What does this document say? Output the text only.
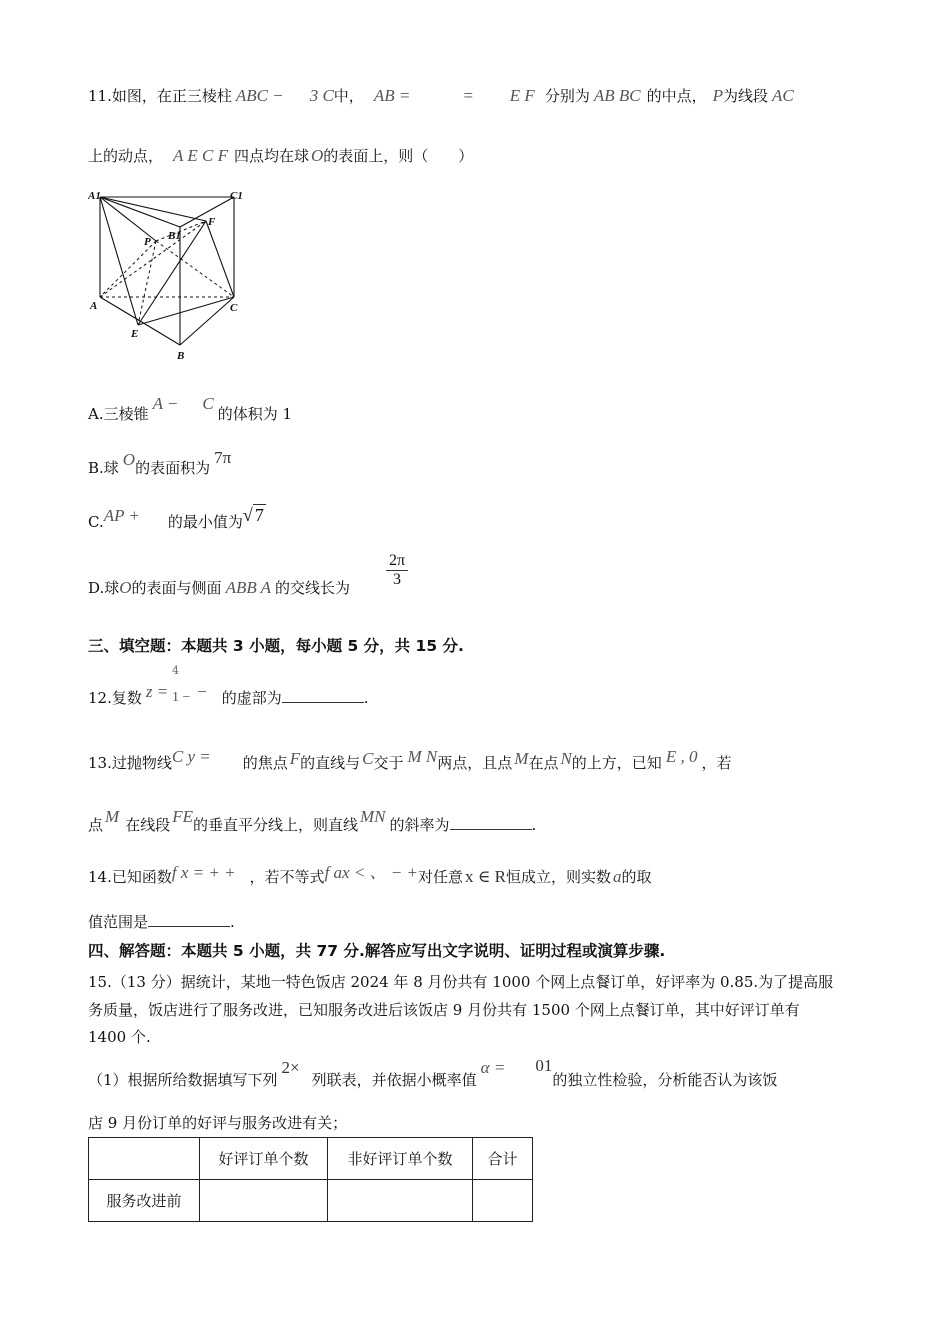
11.如图，在正三棱柱 ABC − 3 C中， AB =	= E F 分别为 AB BC 的中点， P为线段 AC
上的动点， A E C F 四点均在球 O的表面上，则（　　）
A1	C1
F
B1
P
A	C
E
B
A.三棱锥A − C的体积为 1
B.球 O的表面积为7π
C.AP + 的最小值为√ 7
D.球O的表面与侧面 ABB A 的交线长为 $\frac{2\pi}{3}$
三、填空题：本题共 3 小题，每小题 5 分，共 15 分.
12.复数 z = − 的虚部为	.
4
1 −
13.过抛物线C y = 的焦点 F的直线与 C交于 M N两点，且点 M在点 N的上方，已知 E , 0 ，若
点 M 在线段 FE的垂直平分线上，则直线 MN 的斜率为	.
14.已知函数f x = + + ，若不等式f ax < 、 − +对任意 x ∈ R恒成立，则实数 a的取
值范围是	.
四、解答题：本题共 5 小题，共 77 分.解答应写出文字说明、证明过程或演算步骤.
15.（13 分）据统计，某地一特色饭店 2024 年 8 月份共有 1000 个网上点餐订单，好评率为 0.85.为了提高服
务质量，饭店进行了服务改进，已知服务改进后该饭店 9 月份共有 1500 个网上点餐订单，其中好评订单有
1400 个.
（1）根据所给数据填写下列2×列联表，并依据小概率值α = 01的独立性检验，分析能否认为该饭
店 9 月份订单的好评与服务改进有关；
	好评订单个数	非好评订单个数	合计
服务改进前			
